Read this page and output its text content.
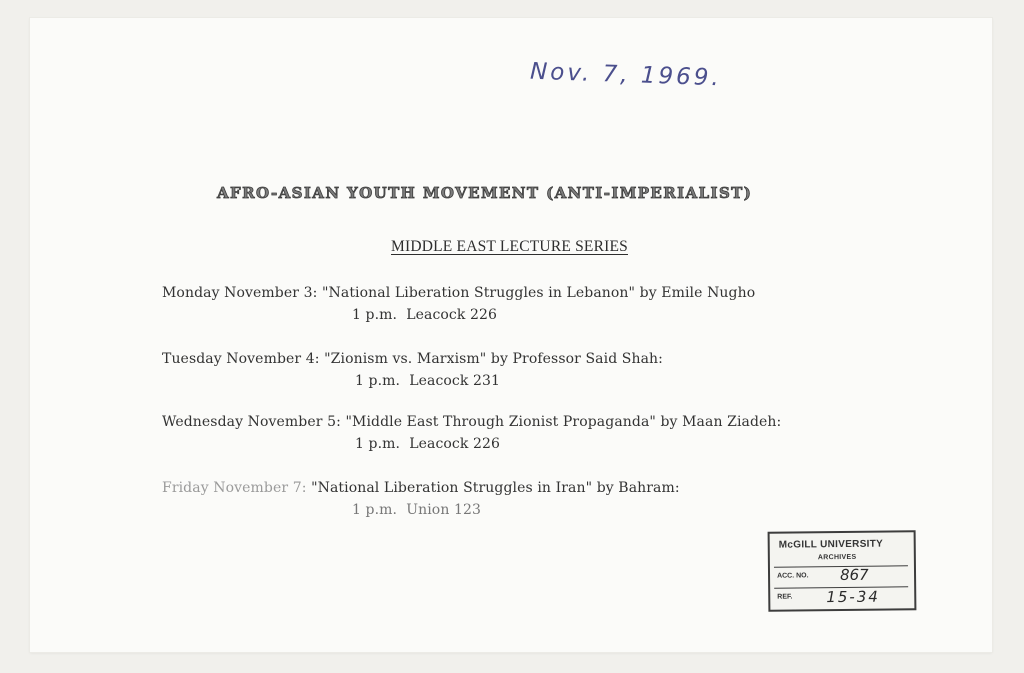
Nov. 7, 1969.
AFRO-ASIAN YOUTH MOVEMENT (ANTI-IMPERIALIST)
MIDDLE EAST LECTURE SERIES
Monday November 3: "National Liberation Struggles in Lebanon" by Emile Nugho
1 p.m. Leacock 226
Tuesday November 4: "Zionism vs. Marxism" by Professor Said Shah:
1 p.m. Leacock 231
Wednesday November 5: "Middle East Through Zionist Propaganda" by Maan Ziadeh:
1 p.m. Leacock 226
Friday November 7: "National Liberation Struggles in Iran" by Bahram:
1 p.m. Union 123
McGILL UNIVERSITY
ARCHIVES
ACC. NO. 867
REF. 15-34
